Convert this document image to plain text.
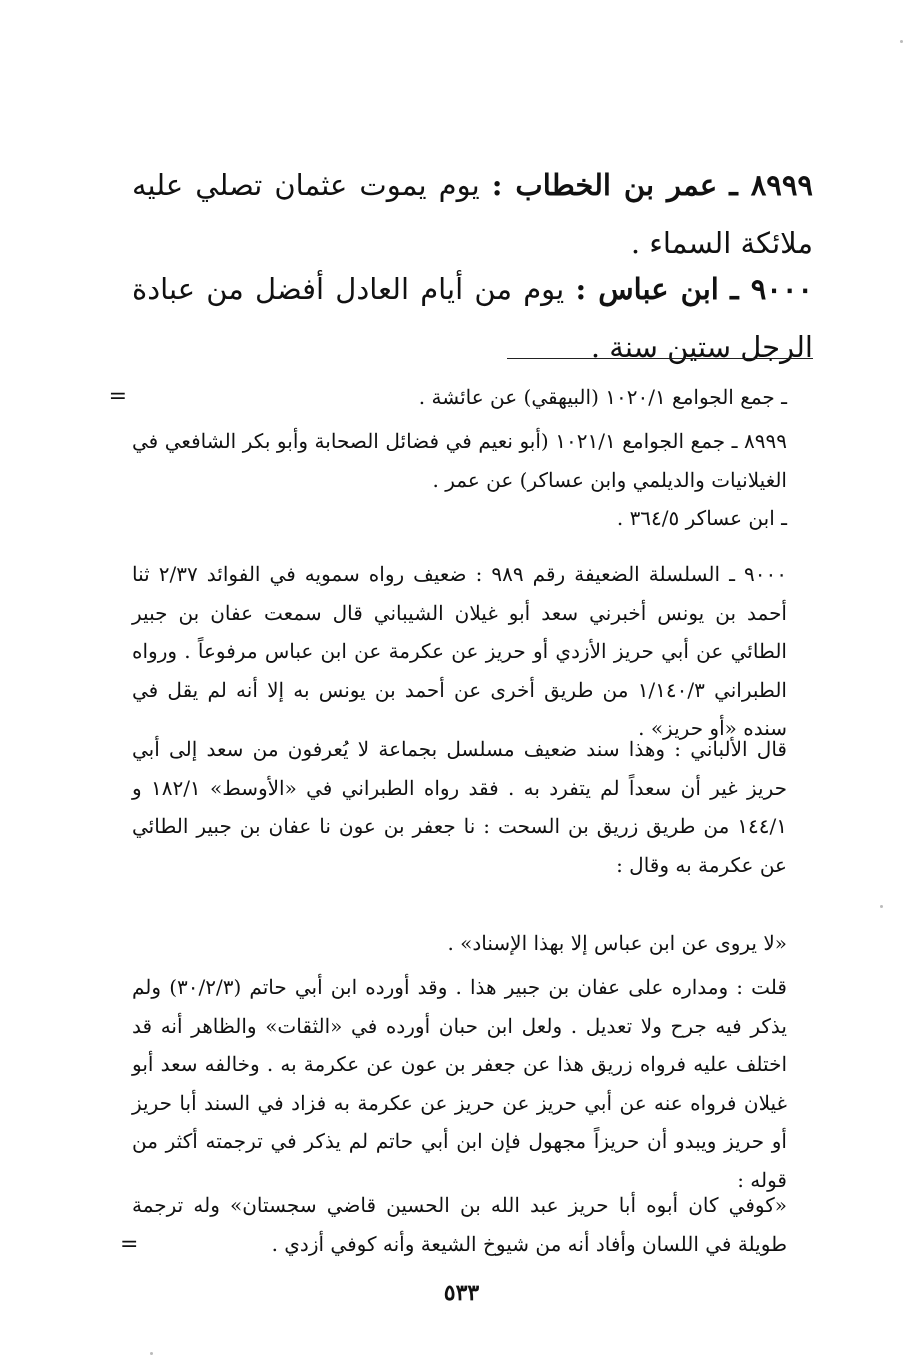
٨٩٩٩ ـ عمر بن الخطاب : يوم يموت عثمان تصلي عليه ملائكة السماء .
٩٠٠٠ ـ ابن عباس : يوم من أيام العادل أفضل من عبادة الرجل ستين سنة .
ـ جمع الجوامع ١٠٢٠/١ (البيهقي) عن عائشة .
=
٨٩٩٩ ـ جمع الجوامع ١٠٢١/١ (أبو نعيم في فضائل الصحابة وأبو بكر الشافعي في الغيلانيات والديلمي وابن عساكر) عن عمر .
ـ ابن عساكر ٣٦٤/٥ .
٩٠٠٠ ـ السلسلة الضعيفة رقم ٩٨٩ : ضعيف رواه سمويه في الفوائد ٢/٣٧ ثنا أحمد بن يونس أخبرني سعد أبو غيلان الشيباني قال سمعت عفان بن جبير الطائي عن أبي حريز الأزدي أو حريز عن عكرمة عن ابن عباس مرفوعاً . ورواه الطبراني ١/١٤٠/٣ من طريق أخرى عن أحمد بن يونس به إلا أنه لم يقل في سنده «أو حريز» .
قال الألباني : وهذا سند ضعيف مسلسل بجماعة لا يُعرفون من سعد إلى أبي حريز غير أن سعداً لم يتفرد به . فقد رواه الطبراني في «الأوسط» ١٨٢/١ و ١٤٤/١ من طريق زريق بن السحت : نا جعفر بن عون نا عفان بن جبير الطائي عن عكرمة به وقال :
«لا يروى عن ابن عباس إلا بهذا الإسناد» .
قلت : ومداره على عفان بن جبير هذا . وقد أورده ابن أبي حاتم (٣٠/٢/٣) ولم يذكر فيه جرح ولا تعديل . ولعل ابن حبان أورده في «الثقات» والظاهر أنه قد اختلف عليه فرواه زريق هذا عن جعفر بن عون عن عكرمة به . وخالفه سعد أبو غيلان فرواه عنه عن أبي حريز عن حريز عن عكرمة به فزاد في السند أبا حريز أو حريز ويبدو أن حريزاً مجهول فإن ابن أبي حاتم لم يذكر في ترجمته أكثر من قوله :
«كوفي كان أبوه أبا حريز عبد الله بن الحسين قاضي سجستان» وله ترجمة طويلة في اللسان وأفاد أنه من شيوخ الشيعة وأنه كوفي أزدي .
=
٥٣٣
